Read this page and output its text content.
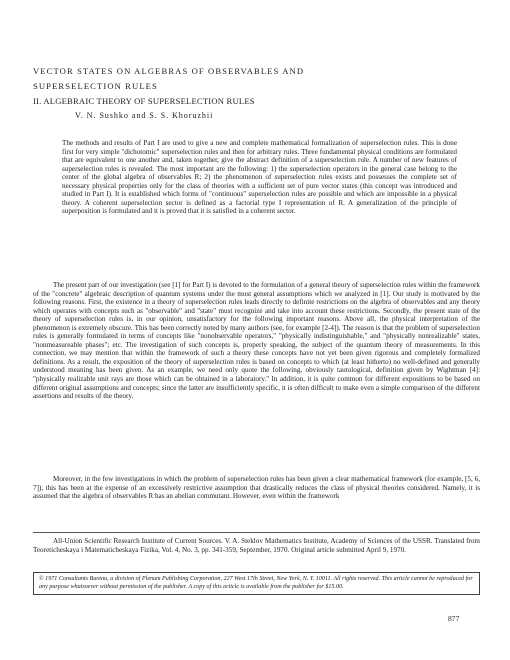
VECTOR STATES ON ALGEBRAS OF OBSERVABLES AND
SUPERSELECTION RULES
II. ALGEBRAIC THEORY OF SUPERSELECTION RULES
V. N. Sushko and S. S. Khoruzhii
The methods and results of Part I are used to give a new and complete mathematical formalization of superselection rules. This is done first for very simple "dichotomic" superselection rules and then for arbitrary rules. Three fundamental physical conditions are formulated that are equivalent to one another and, taken together, give the abstract definition of a superselection rule. A number of new features of superselection rules is revealed. The most important are the following: 1) the superselection operators in the general case belong to the center of the global algebra of observables R; 2) the phenomenon of superselection rules exists and possesses the complete set of necessary physical properties only for the class of theories with a sufficient set of pure vector states (this concept was introduced and studied in Part I). It is established which forms of "continuous" superselection rules are possible and which are impossible in a physical theory. A coherent superselection sector is defined as a factorial type I representation of R. A generalization of the principle of superposition is formulated and it is proved that it is satisfied in a coherent sector.

The present part of our investigation (see [1] for Part I) is devoted to the formulation of a general theory of superselection rules within the framework of the "concrete" algebraic description of quantum systems under the most general assumptions which we analyzed in [1]. Our study is motivated by the following reasons. First, the existence in a theory of superselection rules leads directly to definite restrictions on the algebra of observables and any theory which operates with concepts such as "observable" and "state" must recognize and take into account these restrictions. Secondly, the present state of the theory of superselection rules is, in our opinion, unsatisfactory for the following important reasons. Above all, the physical interpretation of the phenomenon is extremely obscure. This has been correctly noted by many authors (see, for example [2-4]). The reason is that the problem of superselection rules is generally formulated in terms of concepts like "nonobservable operators," "physically indistinguishable," and "physically nonrealizable" states, "nonmeasureable phases"; etc. The investigation of such concepts is, properly speaking, the subject of the quantum theory of measurements. In this connection, we may mention that within the framework of such a theory these concepts have not yet been given rigorous and completely formalized definitions. As a result, the exposition of the theory of superselection rules is based on concepts to which (at least hitherto) no well-defined and generally understood meaning has been given. As an example, we need only quote the following, obviously tautological, definition given by Wightman [4]: "physically realizable unit rays are those which can be obtained in a laboratory." In addition, it is quite common for different expositions to be based on different original assumptions and concepts; since the latter are insufficiently specific, it is often difficult to make even a simple comparison of the different assertions and results of the theory.

Moreover, in the few investigations in which the problem of superselection rules has been given a clear mathematical framework (for example, [5, 6, 7]), this has been at the expense of an excessively restrictive assumption that drastically reduces the class of physical theories considered. Namely, it is assumed that the algebra of observables R has an abelian commutant. However, even within the framework

All-Union Scientific Research Institute of Current Sources. V. A. Steklov Mathematics Institute, Academy of Sciences of the USSR. Translated from Teoreticheskaya i Matematicheskaya Fizika, Vol. 4, No. 3, pp. 341-359, September, 1970. Original article submitted April 9, 1970.

© 1971 Consultants Bureau, a division of Plenum Publishing Corporation, 227 West 17th Street, New York, N. Y. 10011. All rights reserved. This article cannot be reproduced for any purpose whatsoever without permission of the publisher. A copy of this article is available from the publisher for $15.00.
877
